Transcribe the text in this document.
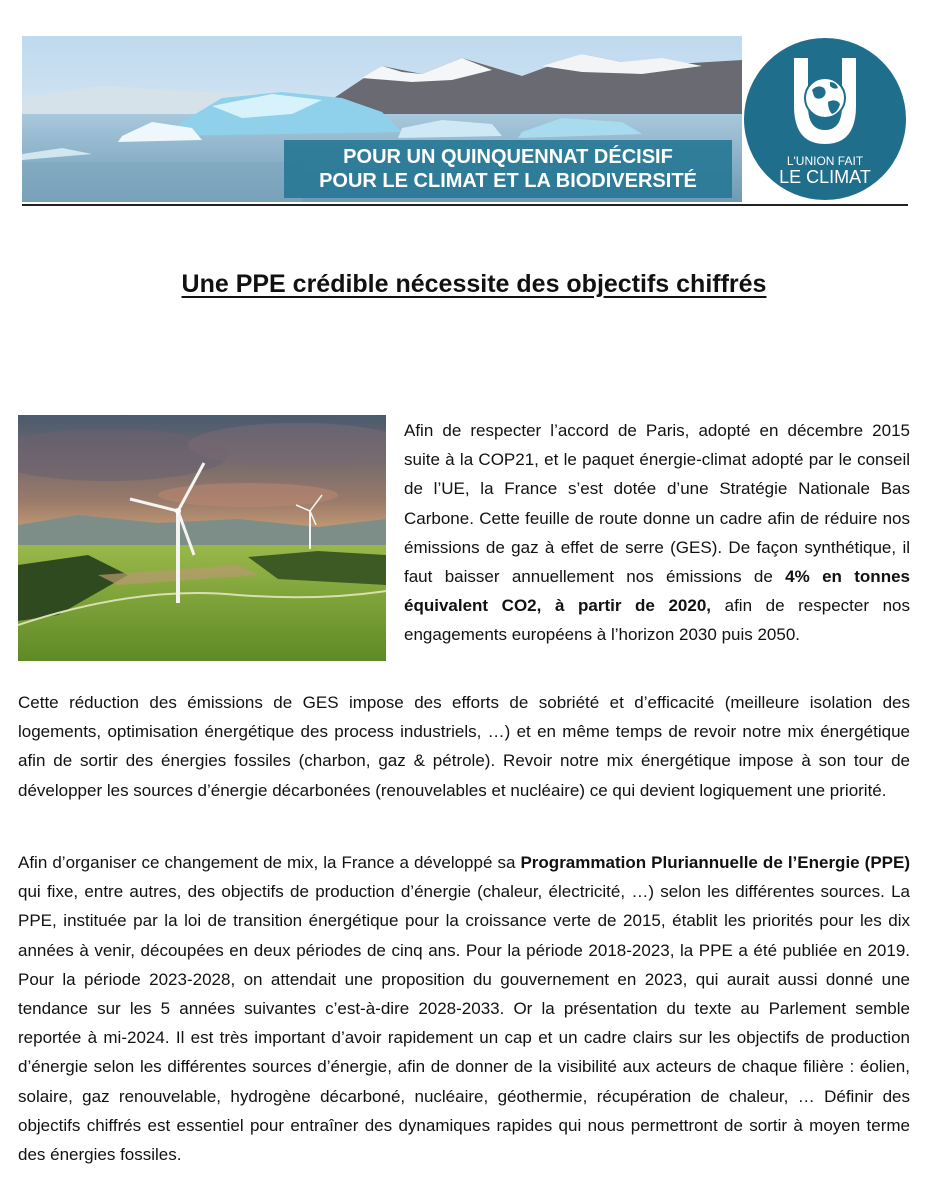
POUR UN QUINQUENNAT DÉCISIF
POUR LE CLIMAT ET LA BIODIVERSITÉ
L'UNION FAIT
LE CLIMAT
Une PPE crédible nécessite des objectifs chiffrés
Afin de respecter l’accord de Paris, adopté en décembre 2015 suite à la COP21, et le paquet énergie-climat adopté par le conseil de l’UE, la France s’est dotée d’une Stratégie Nationale Bas Carbone. Cette feuille de route donne un cadre afin de réduire nos émissions de gaz à effet de serre (GES). De façon synthétique, il faut baisser annuellement nos émissions de 4% en tonnes équivalent CO2, à partir de 2020, afin de respecter nos engagements européens à l’horizon 2030 puis 2050.
Cette réduction des émissions de GES impose des efforts de sobriété et d’efficacité (meilleure isolation des logements, optimisation énergétique des process industriels, …) et en même temps de revoir notre mix énergétique afin de sortir des énergies fossiles (charbon, gaz & pétrole). Revoir notre mix énergétique impose à son tour de développer les sources d’énergie décarbonées (renouvelables et nucléaire) ce qui devient logiquement une priorité.
Afin d’organiser ce changement de mix, la France a développé sa Programmation Pluriannuelle de l’Energie (PPE) qui fixe, entre autres, des objectifs de production d’énergie (chaleur, électricité, …) selon les différentes sources. La PPE, instituée par la loi de transition énergétique pour la croissance verte de 2015, établit les priorités pour les dix années à venir, découpées en deux périodes de cinq ans. Pour la période 2018-2023, la PPE a été publiée en 2019. Pour la période 2023-2028, on attendait une proposition du gouvernement en 2023, qui aurait aussi donné une tendance sur les 5 années suivantes c’est-à-dire 2028-2033. Or la présentation du texte au Parlement semble reportée à mi-2024. Il est très important d’avoir rapidement un cap et un cadre clairs sur les objectifs de production d’énergie selon les différentes sources d’énergie, afin de donner de la visibilité aux acteurs de chaque filière : éolien, solaire, gaz renouvelable, hydrogène décarboné, nucléaire, géothermie, récupération de chaleur, … Définir des objectifs chiffrés est essentiel pour entraîner des dynamiques rapides qui nous permettront de sortir à moyen terme des énergies fossiles.
